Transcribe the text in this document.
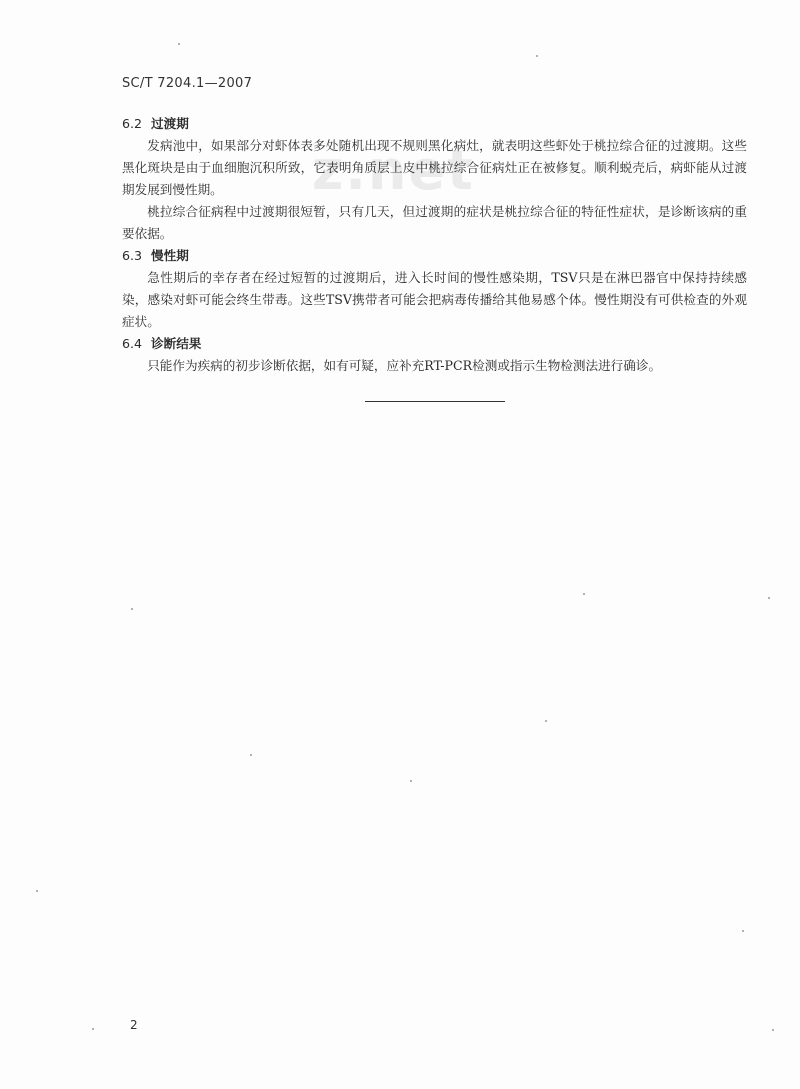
z.net
SC/T 7204.1—2007
6.2 过渡期

发病池中，如果部分对虾体表多处随机出现不规则黑化病灶，就表明这些虾处于桃拉综合征的过渡期。这些黑化斑块是由于血细胞沉积所致，它表明角质层上皮中桃拉综合征病灶正在被修复。顺利蜕壳后，病虾能从过渡期发展到慢性期。

桃拉综合征病程中过渡期很短暂，只有几天，但过渡期的症状是桃拉综合征的特征性症状，是诊断该病的重要依据。

6.3 慢性期

急性期后的幸存者在经过短暂的过渡期后，进入长时间的慢性感染期，TSV只是在淋巴器官中保持持续感染，感染对虾可能会终生带毒。这些TSV携带者可能会把病毒传播给其他易感个体。慢性期没有可供检查的外观症状。

6.4 诊断结果

只能作为疾病的初步诊断依据，如有可疑，应补充RT-PCR检测或指示生物检测法进行确诊。

2
